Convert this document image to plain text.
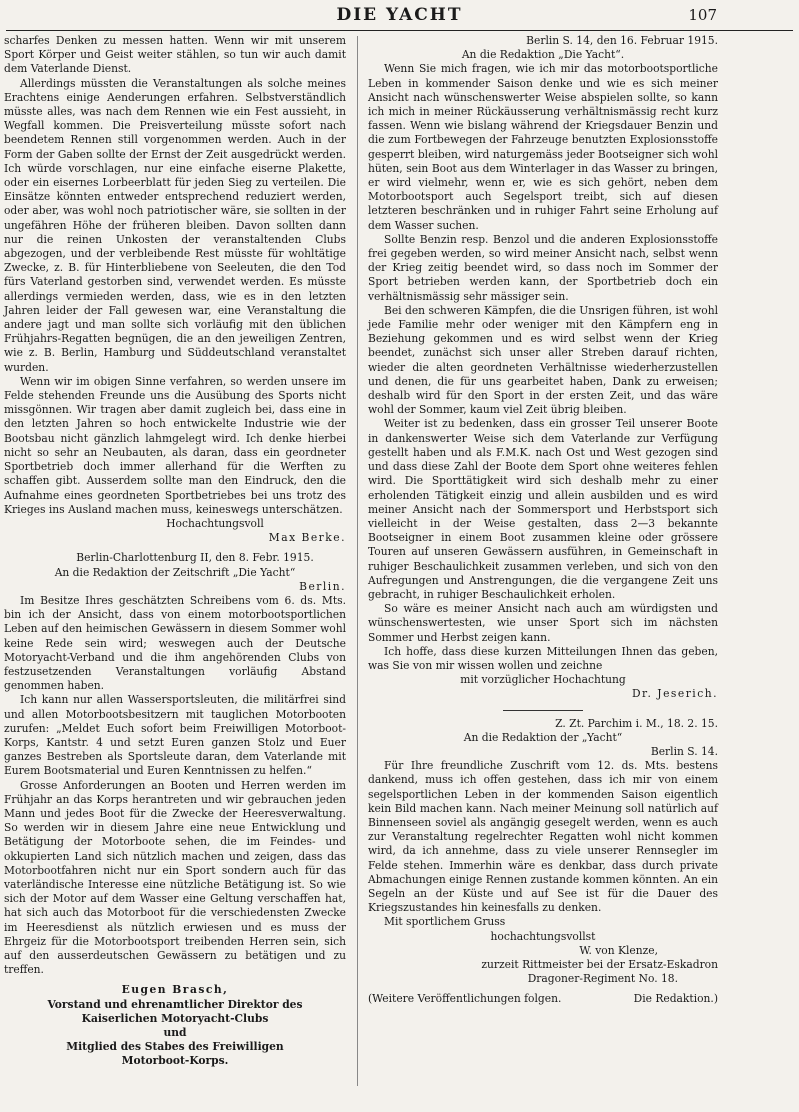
DIE YACHT	107

scharfes Denken zu messen hatten. Wenn wir mit unserem Sport Körper und Geist weiter stählen, so tun wir auch damit dem Vaterlande Dienst.

Allerdings müssten die Veranstaltungen als solche meines Erachtens einige Aenderungen erfahren. Selbstverständlich müsste alles, was nach dem Rennen wie ein Fest aussieht, in Wegfall kommen. Die Preisverteilung müsste sofort nach beendetem Rennen still vorgenommen werden. Auch in der Form der Gaben sollte der Ernst der Zeit ausgedrückt werden. Ich würde vorschlagen, nur eine einfache eiserne Plakette, oder ein eisernes Lorbeerblatt für jeden Sieg zu verteilen. Die Einsätze könnten entweder entsprechend reduziert werden, oder aber, was wohl noch patriotischer wäre, sie sollten in der ungefähren Höhe der früheren bleiben. Davon sollten dann nur die reinen Unkosten der veranstaltenden Clubs abgezogen, und der verbleibende Rest müsste für wohltätige Zwecke, z. B. für Hinterbliebene von Seeleuten, die den Tod fürs Vaterland gestorben sind, verwendet werden. Es müsste allerdings vermieden werden, dass, wie es in den letzten Jahren leider der Fall gewesen war, eine Veranstaltung die andere jagt und man sollte sich vorläufig mit den üblichen Frühjahrs-Regatten begnügen, die an den jeweiligen Zentren, wie z. B. Berlin, Hamburg und Süddeutschland veranstaltet wurden.

Wenn wir im obigen Sinne verfahren, so werden unsere im Felde stehenden Freunde uns die Ausübung des Sports nicht missgönnen. Wir tragen aber damit zugleich bei, dass eine in den letzten Jahren so hoch entwickelte Industrie wie der Bootsbau nicht gänzlich lahmgelegt wird. Ich denke hierbei nicht so sehr an Neubauten, als daran, dass ein geordneter Sportbetrieb doch immer allerhand für die Werften zu schaffen gibt. Ausserdem sollte man den Eindruck, den die Aufnahme eines geordneten Sportbetriebes bei uns trotz des Krieges ins Ausland machen muss, keineswegs unterschätzen.

Hochachtungsvoll

Max Berke.

Berlin-Charlottenburg II, den 8. Febr. 1915.

An die Redaktion der Zeitschrift „Die Yacht“

Berlin.

Im Besitze Ihres geschätzten Schreibens vom 6. ds. Mts. bin ich der Ansicht, dass von einem motorbootsportlichen Leben auf den heimischen Gewässern in diesem Sommer wohl keine Rede sein wird; weswegen auch der Deutsche Motoryacht-Verband und die ihm angehörenden Clubs von festzusetzenden Veranstaltungen vorläufig Abstand genommen haben.

Ich kann nur allen Wassersportsleuten, die militärfrei sind und allen Motorbootsbesitzern mit tauglichen Motorbooten zurufen: „Meldet Euch sofort beim Freiwilligen Motorboot-Korps, Kantstr. 4 und setzt Euren ganzen Stolz und Euer ganzes Bestreben als Sportsleute daran, dem Vaterlande mit Eurem Bootsmaterial und Euren Kenntnissen zu helfen.“

Grosse Anforderungen an Booten und Herren werden im Frühjahr an das Korps herantreten und wir gebrauchen jeden Mann und jedes Boot für die Zwecke der Heeresverwaltung. So werden wir in diesem Jahre eine neue Entwicklung und Betätigung der Motorboote sehen, die im Feindes- und okkupierten Land sich nützlich machen und zeigen, dass das Motorbootfahren nicht nur ein Sport sondern auch für das vaterländische Interesse eine nützliche Betätigung ist. So wie sich der Motor auf dem Wasser eine Geltung verschaffen hat, hat sich auch das Motorboot für die verschiedensten Zwecke im Heeresdienst als nützlich erwiesen und es muss der Ehrgeiz für die Motorbootsport treibenden Herren sein, sich auf den ausserdeutschen Gewässern zu betätigen und zu treffen.

Eugen Brasch,

Vorstand und ehrenamtlicher Direktor des

Kaiserlichen Motoryacht-Clubs

und

Mitglied des Stabes des Freiwilligen

Motorboot-Korps.

Berlin S. 14, den 16. Februar 1915.

An die Redaktion „Die Yacht“.

Wenn Sie mich fragen, wie ich mir das motorbootsportliche Leben in kommender Saison denke und wie es sich meiner Ansicht nach wünschenswerter Weise abspielen sollte, so kann ich mich in meiner Rückäusserung verhältnismässig recht kurz fassen. Wenn wie bislang während der Kriegsdauer Benzin und die zum Fortbewegen der Fahrzeuge benutzten Explosionsstoffe gesperrt bleiben, wird naturgemäss jeder Bootseigner sich wohl hüten, sein Boot aus dem Winterlager in das Wasser zu bringen, er wird vielmehr, wenn er, wie es sich gehört, neben dem Motorbootsport auch Segelsport treibt, sich auf diesen letzteren beschränken und in ruhiger Fahrt seine Erholung auf dem Wasser suchen.

Sollte Benzin resp. Benzol und die anderen Explosionsstoffe frei gegeben werden, so wird meiner Ansicht nach, selbst wenn der Krieg zeitig beendet wird, so dass noch im Sommer der Sport betrieben werden kann, der Sportbetrieb doch ein verhältnismässig sehr mässiger sein.

Bei den schweren Kämpfen, die die Unsrigen führen, ist wohl jede Familie mehr oder weniger mit den Kämpfern eng in Beziehung gekommen und es wird selbst wenn der Krieg beendet, zunächst sich unser aller Streben darauf richten, wieder die alten geordneten Verhältnisse wiederherzustellen und denen, die für uns gearbeitet haben, Dank zu erweisen; deshalb wird für den Sport in der ersten Zeit, und das wäre wohl der Sommer, kaum viel Zeit übrig bleiben.

Weiter ist zu bedenken, dass ein grosser Teil unserer Boote in dankenswerter Weise sich dem Vaterlande zur Verfügung gestellt haben und als F.M.K. nach Ost und West gezogen sind und dass diese Zahl der Boote dem Sport ohne weiteres fehlen wird. Die Sporttätigkeit wird sich deshalb mehr zu einer erholenden Tätigkeit einzig und allein ausbilden und es wird meiner Ansicht nach der Sommersport und Herbstsport sich vielleicht in der Weise gestalten, dass 2—3 bekannte Bootseigner in einem Boot zusammen kleine oder grössere Touren auf unseren Gewässern ausführen, in Gemeinschaft in ruhiger Beschaulichkeit zusammen verleben, und sich von den Aufregungen und Anstrengungen, die die vergangene Zeit uns gebracht, in ruhiger Beschaulichkeit erholen.

So wäre es meiner Ansicht nach auch am würdigsten und wünschenswertesten, wie unser Sport sich im nächsten Sommer und Herbst zeigen kann.

Ich hoffe, dass diese kurzen Mitteilungen Ihnen das geben, was Sie von mir wissen wollen und zeichne

mit vorzüglicher Hochachtung

Dr. Jeserich.

Z. Zt. Parchim i. M., 18. 2. 15.

An die Redaktion der „Yacht“

Berlin S. 14.

Für Ihre freundliche Zuschrift vom 12. ds. Mts. bestens dankend, muss ich offen gestehen, dass ich mir von einem segelsportlichen Leben in der kommenden Saison eigentlich kein Bild machen kann. Nach meiner Meinung soll natürlich auf Binnenseen soviel als angängig gesegelt werden, wenn es auch zur Veranstaltung regelrechter Regatten wohl nicht kommen wird, da ich annehme, dass zu viele unserer Rennsegler im Felde stehen. Immerhin wäre es denkbar, dass durch private Abmachungen einige Rennen zustande kommen könnten. An ein Segeln an der Küste und auf See ist für die Dauer des Kriegszustandes hin keinesfalls zu denken.

Mit sportlichem Gruss

hochachtungsvollst

W. von Klenze,

zurzeit Rittmeister bei der Ersatz-Eskadron

Dragoner-Regiment No. 18.

(Weitere Veröffentlichungen folgen.	Die Redaktion.)
